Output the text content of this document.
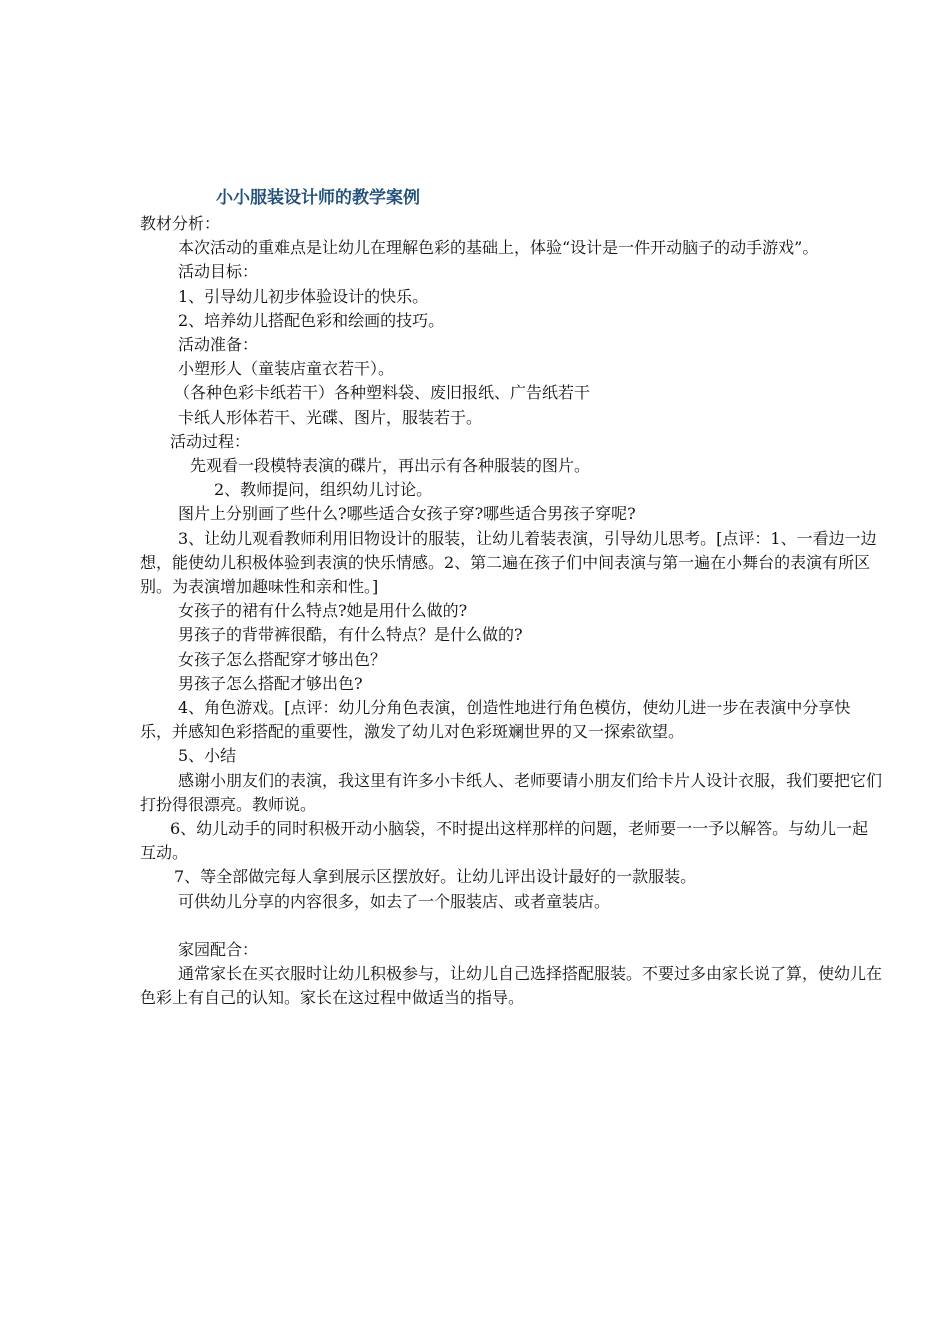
小小服装设计师的教学案例

教材分析：

本次活动的重难点是让幼儿在理解色彩的基础上，体验“设计是一件开动脑子的动手游戏”。

活动目标：

1、引导幼儿初步体验设计的快乐。

2、培养幼儿搭配色彩和绘画的技巧。

活动准备：

小塑形人（童装店童衣若干）。

（各种色彩卡纸若干）各种塑料袋、废旧报纸、广告纸若干

卡纸人形体若干、光碟、图片，服装若于。

活动过程：

先观看一段模特表演的碟片，再出示有各种服装的图片。

2、教师提问，组织幼儿讨论。

图片上分别画了些什么?哪些适合女孩子穿?哪些适合男孩子穿呢?

3、让幼儿观看教师利用旧物设计的服装，让幼儿着装表演，引导幼儿思考。[点评：1、一看边一边想，能使幼儿积极体验到表演的快乐情感。2、第二遍在孩子们中间表演与第一遍在小舞台的表演有所区别。为表演增加趣味性和亲和性。]

女孩子的裙有什么特点?她是用什么做的?

男孩子的背带裤很酷，有什么特点？是什么做的?

女孩子怎么搭配穿才够出色？

男孩子怎么搭配才够出色?

4、角色游戏。[点评：幼儿分角色表演，创造性地进行角色模仿，使幼儿进一步在表演中分享快乐，并感知色彩搭配的重要性，激发了幼儿对色彩斑斓世界的又一探索欲望。

5、小结

感谢小朋友们的表演，我这里有许多小卡纸人、老师要请小朋友们给卡片人设计衣服，我们要把它们打扮得很漂亮。教师说。

6、幼儿动手的同时积极开动小脑袋，不时提出这样那样的问题，老师要一一予以解答。与幼儿一起互动。

7、等全部做完每人拿到展示区摆放好。让幼儿评出设计最好的一款服装。

可供幼儿分享的内容很多，如去了一个服装店、或者童装店。

家园配合：

通常家长在买衣服时让幼儿积极参与，让幼儿自己选择搭配服装。不要过多由家长说了算，使幼儿在色彩上有自己的认知。家长在这过程中做适当的指导。
